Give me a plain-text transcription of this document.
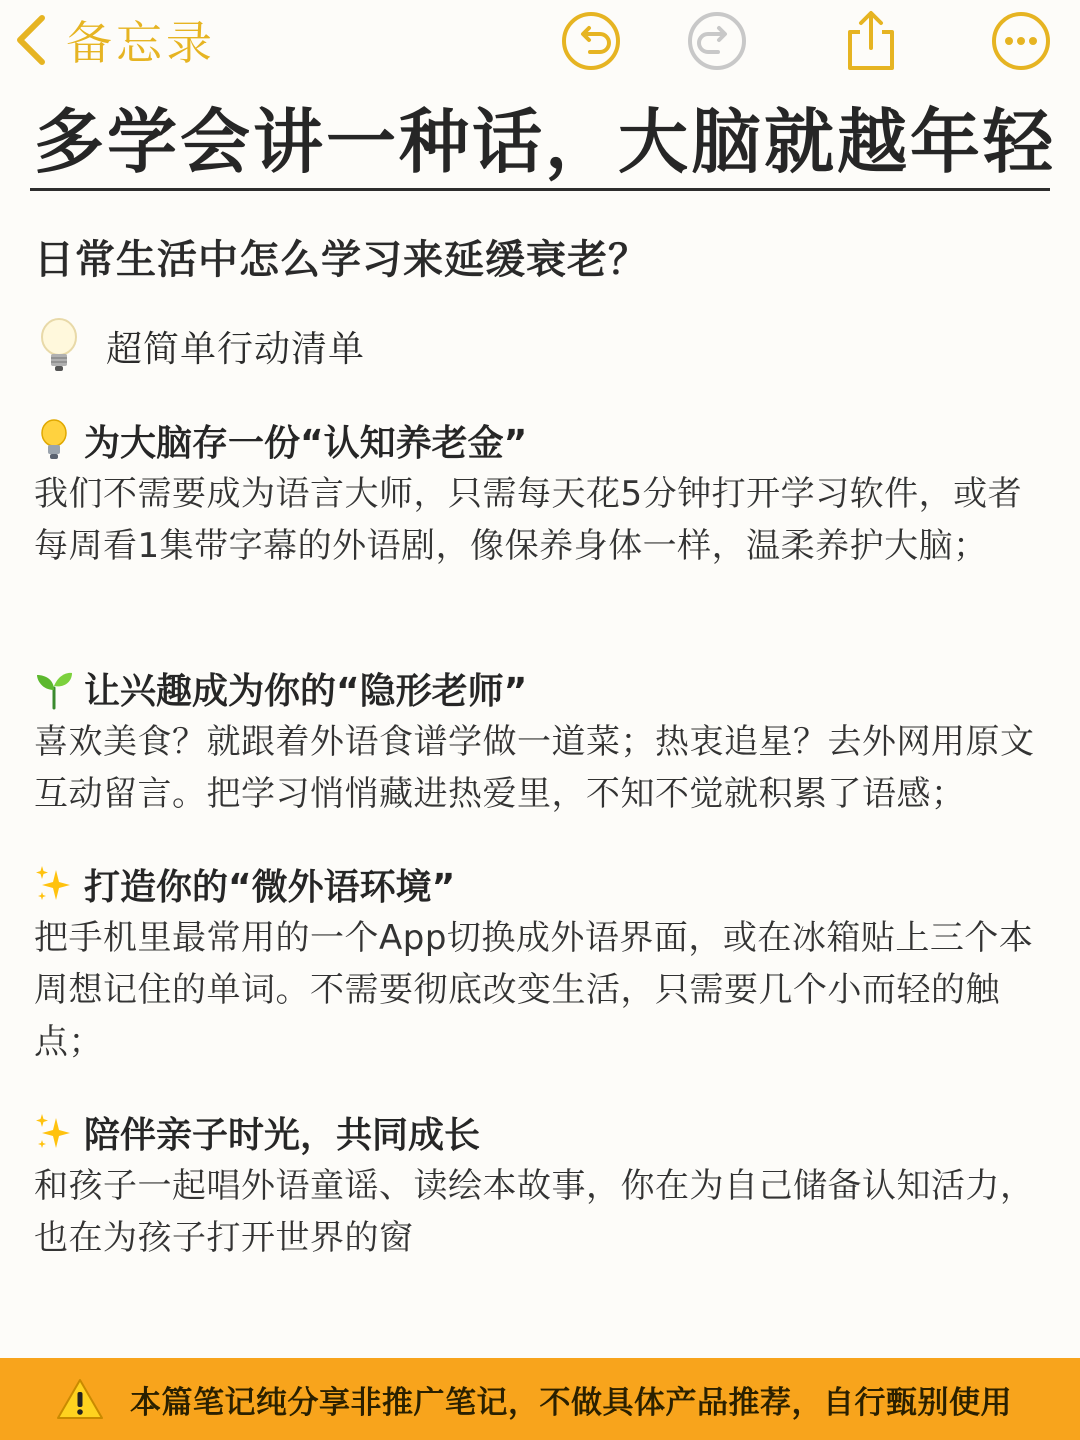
备忘录
多学会讲一种话，大脑就越年轻
日常生活中怎么学习来延缓衰老？
超简单行动清单
为大脑存一份“认知养老金”
我们不需要成为语言大师，只需每天花5分钟打开学习软件，或者每周看1集带字幕的外语剧，像保养身体一样，温柔养护大脑；
让兴趣成为你的“隐形老师”
喜欢美食？就跟着外语食谱学做一道菜；热衷追星？去外网用原文互动留言。把学习悄悄藏进热爱里，不知不觉就积累了语感；
打造你的“微外语环境”
把手机里最常用的一个App切换成外语界面，或在冰箱贴上三个本周想记住的单词。不需要彻底改变生活，只需要几个小而轻的触点；
陪伴亲子时光，共同成长
和孩子一起唱外语童谣、读绘本故事，你在为自己储备认知活力，也在为孩子打开世界的窗
本篇笔记纯分享非推广笔记，不做具体产品推荐，自行甄别使用
